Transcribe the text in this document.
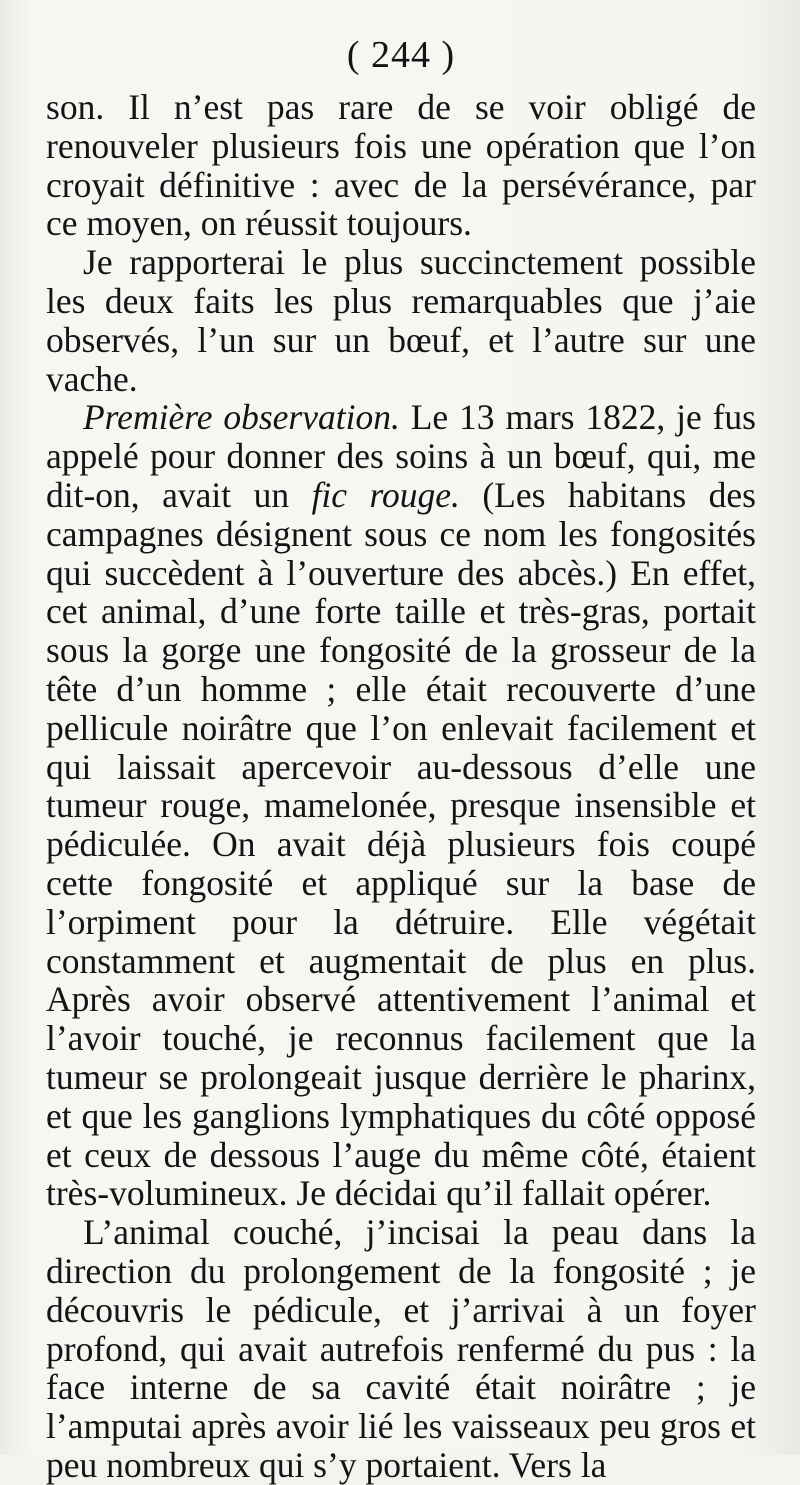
( 244 )

son. Il n’est pas rare de se voir obligé de renouveler plusieurs fois une opération que l’on croyait définitive : avec de la persévérance, par ce moyen, on réussit toujours.

Je rapporterai le plus succinctement possible les deux faits les plus remarquables que j’aie observés, l’un sur un bœuf, et l’autre sur une vache.

Première observation. Le 13 mars 1822, je fus appelé pour donner des soins à un bœuf, qui, me dit-on, avait un fic rouge. (Les habitans des campagnes désignent sous ce nom les fongosités qui succèdent à l’ouverture des abcès.) En effet, cet animal, d’une forte taille et très-gras, portait sous la gorge une fongosité de la grosseur de la tête d’un homme ; elle était recouverte d’une pellicule noirâtre que l’on enlevait facilement et qui laissait apercevoir au-dessous d’elle une tumeur rouge, mamelonée, presque insensible et pédiculée. On avait déjà plusieurs fois coupé cette fongosité et appliqué sur la base de l’orpiment pour la détruire. Elle végétait constamment et augmentait de plus en plus. Après avoir observé attentivement l’animal et l’avoir touché, je reconnus facilement que la tumeur se prolongeait jusque derrière le pharinx, et que les ganglions lymphatiques du côté opposé et ceux de dessous l’auge du même côté, étaient très-volumineux. Je décidai qu’il fallait opérer.

L’animal couché, j’incisai la peau dans la direction du prolongement de la fongosité ; je découvris le pédicule, et j’arrivai à un foyer profond, qui avait autrefois renfermé du pus : la face interne de sa cavité était noirâtre ; je l’amputai après avoir lié les vaisseaux peu gros et peu nombreux qui s’y portaient. Vers la
